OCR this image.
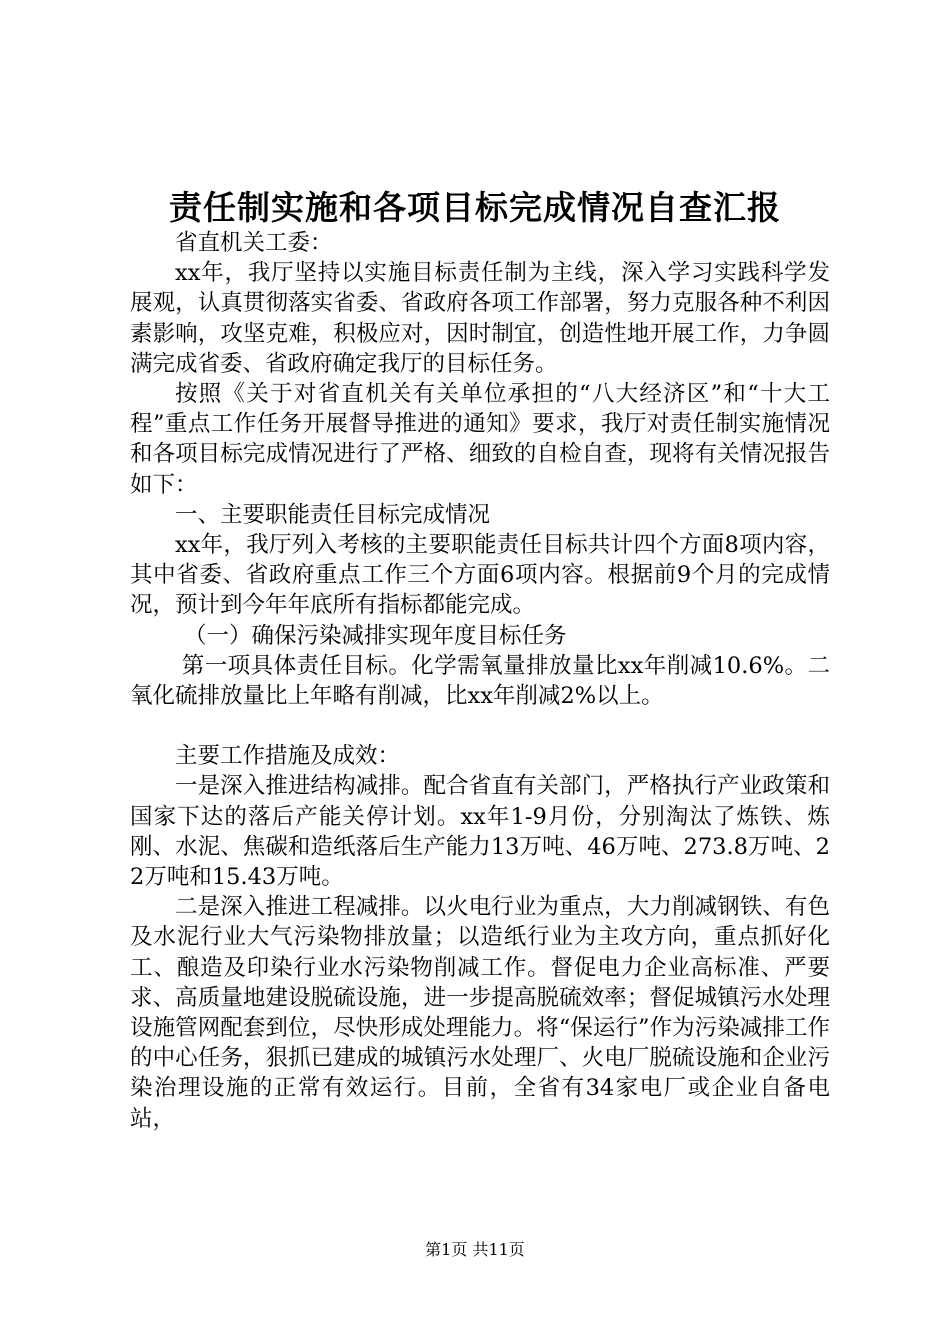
责任制实施和各项目标完成情况自查汇报

省直机关工委：

xx年，我厅坚持以实施目标责任制为主线，深入学习实践科学发展观，认真贯彻落实省委、省政府各项工作部署，努力克服各种不利因素影响，攻坚克难，积极应对，因时制宜，创造性地开展工作，力争圆满完成省委、省政府确定我厅的目标任务。

按照《关于对省直机关有关单位承担的“八大经济区”和“十大工程”重点工作任务开展督导推进的通知》要求，我厅对责任制实施情况和各项目标完成情况进行了严格、细致的自检自查，现将有关情况报告如下：

一、主要职能责任目标完成情况

xx年，我厅列入考核的主要职能责任目标共计四个方面8项内容，其中省委、省政府重点工作三个方面6项内容。根据前9个月的完成情况，预计到今年年底所有指标都能完成。

（一）确保污染减排实现年度目标任务

第一项具体责任目标。化学需氧量排放量比xx年削减10.6%。二氧化硫排放量比上年略有削减，比xx年削减2%以上。

主要工作措施及成效：

一是深入推进结构减排。配合省直有关部门，严格执行产业政策和国家下达的落后产能关停计划。xx年1-9月份，分别淘汰了炼铁、炼刚、水泥、焦碳和造纸落后生产能力13万吨、46万吨、273.8万吨、22万吨和15.43万吨。

二是深入推进工程减排。以火电行业为重点，大力削减钢铁、有色及水泥行业大气污染物排放量；以造纸行业为主攻方向，重点抓好化工、酿造及印染行业水污染物削减工作。督促电力企业高标准、严要求、高质量地建设脱硫设施，进一步提高脱硫效率；督促城镇污水处理设施管网配套到位，尽快形成处理能力。将“保运行”作为污染减排工作的中心任务，狠抓已建成的城镇污水处理厂、火电厂脱硫设施和企业污染治理设施的正常有效运行。目前，全省有34家电厂或企业自备电站，

第1页 共11页
